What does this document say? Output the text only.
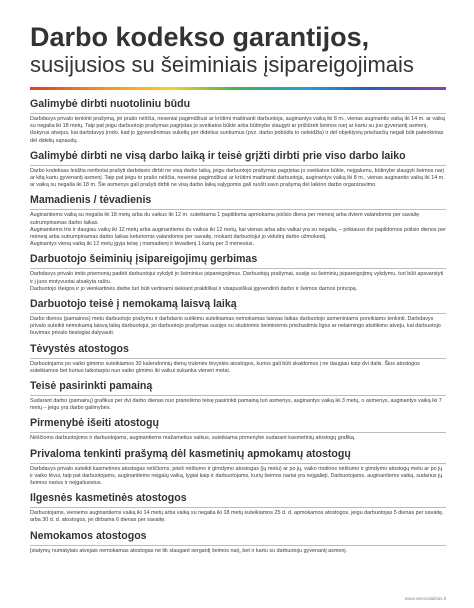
Darbo kodekso garantijos,
susijusios su šeiminiais įsipareigojimais
Galimybė dirbti nuotoliniu būdu

Darbdavys privalo tenkinti prašymą, jei prašo nėščia, neseniai pagimdžiusi ar krūtimi maitinanti darbuotoja, auginantys vaiką iki 8 m., vienas auginantis vaiką iki 14 m. ar vaiką su negalia iki 18 metų. Taip pat jeigu darbuotojo prašymas pagrįstas jo sveikatos būkle arba būtinybe slaugyti ar prižiūrėti šeimos narį ar kartu su juo gyvenantį asmenį, išskyrus atvejus, kai darbdavys įrodo, kad jo įgyvendinimas sukeltų per didelius sunkumus (pvz. darbo pobūdis to neleidžia) ir dėl objektyvių priežasčių negali būti patenkintas dėl didelių sąnaudų.

Galimybė dirbti ne visą darbo laiką ir teisė grįžti dirbti prie viso darbo laiko

Darbo kodeksas leidžia neribotai prašyti darbdavio dirbti ne visą darbo laiką, jeigu darbuotojo prašymas pagrįstas jo sveikatos būkle, neįgalumu, būtinybe slaugyti šeimos narį ar kitą kartu gyvenantį asmenį. Taip pat jeigu to prašo nėščia, neseniai pagimdžiusi ar krūtimi maitinanti darbuotoja, auginantys vaiką iki 8 m., vienas auginantis vaiką iki 14 m. ar vaiką su negalia iki 18 m. Šie asmenys gali prašyti dirbti ne visą darbo laiką sąlygomis gali ruošti savo prašymą dėl laikino darbo organizavimo.

Mamadienis / tėvadienis

Auginantiems vaiką su negalia iki 18 metų arba du vaikus iki 12 m. suteikiama 1 papildoma apmokama poilsio diena per mėnesį arba dviem valandomis per savaitę sutrumpinamas darbo laikas.

Auginantiems tris ir daugiau vaikų iki 12 metų arba auginantiems du vaikus iki 12 metų, kai vienas arba abu vaikai yra su negalia, – prikiauso dvi papildomos poilsio dienos per mėnesį arba sutrumpinamas darbo laikas keturiomis valandomis per savaitę, mokant darbuotojui jo vidutinį darbo užmokestį.

Auginantys vieną vaiką iki 12 metų įgyja teisę į mamadienį ir tėvadienį 1 kartą per 3 mėnesius.

Darbuotojo šeiminių įsipareigojimų gerbimas

Darbdavys privalo imtis priemonių padėti darbuotojui vykdyti jo šeiminius įsipareigojimus. Darbuotojų prašymai, susiję su šeiminių įsipareigojimų vykdymu, turi būti apsvarstyti ir į juos motyvuotai atsakyta raštu.

Darbuotojo išeigos ir jo vienkartinės darbe turi būti vertinami siekiant praktiškai ir visapusiškai įgyvendinti darbo ir šeimos darnos principą.

Darbuotojo teisė į nemokamą laisvą laiką

Darbo dienos (pamainos) metu darbuotojo prašymu ir darbdavio sutikimu suteikiamas nemokamas laisvas laikas darbuotojo asmeniniams poreikiams tenkinti. Darbdavys privalo suteikti nemokamą laisvą laiką darbuotojui, jei darbuotojo prašymas susijęs su skubiomis šeiminėmis priežastimis ligos ar nelaimingo atsitikimo atveju, kai darbuotojo buvimas privalo tiesiogiai dalyvauti.

Tėvystės atostogos

Darbuotojams po vaiko gimimo suteikiamos 30 kalendorinių dienų trukmės tėvystės atostogos, kurios gali būti skaidomos į ne daugiau kaip dvi dalis. Šios atostogos suteikiamos bet kuriuo laikotarpiu nuo vaiko gimimo iki vaikui sukanka vieneri metai.

Teisė pasirinkti pamainą

Sudarant darbo (pamainų) grafikus per dvi darbo dienas nuo pranešimo teisę pasirinkti pamainą turi asmenys, auginantys vaiką iki 3 metų, o asmenys, auginantys vaiką iki 7 metų – jeigu yra darbo galimybės.

Pirmenybė išeiti atostogų

Nėščioms darbuotojoms ir darbuotojams, auginantiems mažametius vaikus, suteikiama pirmenybė sudarant kasmetinių atostogų grafiką.

Privaloma tenkinti prašymą dėl kasmetinių apmokamų atostogų

Darbdavys privalo suteikti kasmetines atostogas nėščioms, prieš nėštumo ir gimdymo atostogas (jų metu) ar po jų, vaiko motinos nėštumo ir gimdymo atostogų metu ar po jų ir vaiko tėvui, taip pat darbuotojams, auginantiems neįgalų vaiką, lygiai kaip ir darbuotojams, kurių šeimos nariai yra neįgalieji. Darbuotojams, auginantiems vaiką, sudarius jų šeimos narius ir neįgaliuosius.

Ilgesnės kasmetinės atostogos

Darbuotojams, vieniems auginantiems vaiką iki 14 metų arba vaiką su negalia iki 18 metų suteikiamos 25 d. d. apmokamos atostogos, jeigu darbuotojas 5 dienas per savaitę, arba 30 d. d. atostogos, jei dirbama 6 dienas per savaitę.

Nemokamos atostogos

Įstatymų numatytais atvejais nemokamas atostogas ne tik slaugant sergantį šeimos narį, bet ir kartu su darbuotoju gyvenantį asmenį.

www.seimoslaiktas.lt
